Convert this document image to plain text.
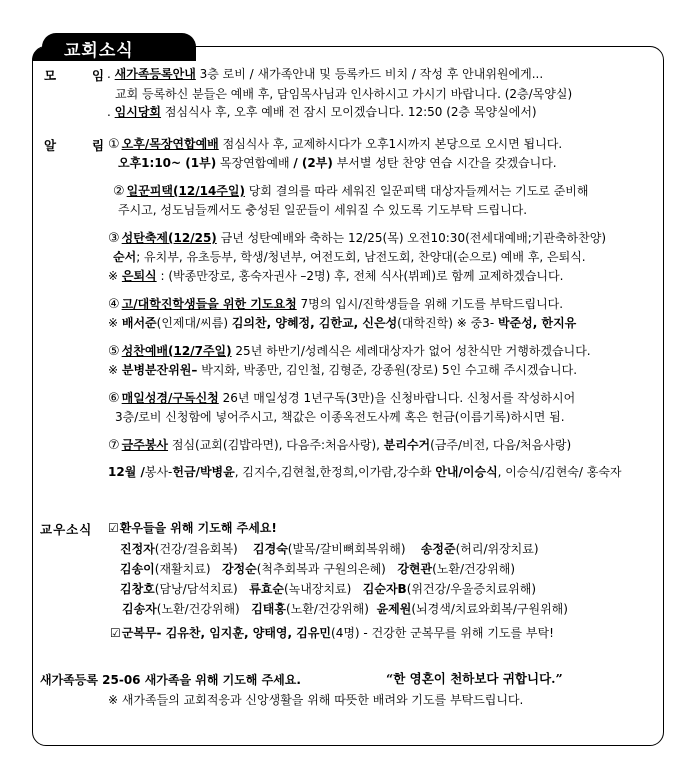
교회소식
모	임 . 새가족등록안내 3층 로비 / 새가족안내 및 등록카드 비치 / 작성 후 안내위원에게...
교회 등록하신 분들은 예배 후, 담임목사님과 인사하시고 가시기 바랍니다. (2층/목양실)
. 임시당회 점심식사 후, 오후 예배 전 잠시 모이겠습니다. 12:50 (2층 목양실에서)
알	림 ① 오후/목장연합예배 점심식사 후, 교제하시다가 오후1시까지 본당으로 오시면 됩니다.
오후1:10~ (1부) 목장연합예배 / (2부) 부서별 성탄 찬양 연습 시간을 갖겠습니다.
② 일꾼피택(12/14주일) 당회 결의를 따라 세워진 일꾼피택 대상자들께서는 기도로 준비해
주시고, 성도님들께서도 충성된 일꾼들이 세워질 수 있도록 기도부탁 드립니다.
③ 성탄축제(12/25) 금년 성탄예배와 축하는 12/25(목) 오전10:30(전세대예배;기관축하찬양)
순서; 유치부, 유초등부, 학생/청년부, 여전도회, 남전도회, 찬양대(순으로) 예배 후, 은퇴식.
※ 은퇴식 : (박종만장로, 홍숙자권사 –2명) 후, 전체 식사(뷔페)로 함께 교제하겠습니다.
④ 고/대학진학생들을 위한 기도요청 7명의 입시/진학생들을 위해 기도를 부탁드립니다.
※ 배서준(인제대/씨름) 김의찬, 양혜정, 김한교, 신은성(대학진학) ※ 중3- 박준성, 한지유
⑤ 성찬예배(12/7주일) 25년 하반기/성례식은 세례대상자가 없어 성찬식만 거행하겠습니다.
※ 분병분잔위원– 박지화, 박종만, 김인철, 김형준, 강종원(장로) 5인 수고해 주시겠습니다.
⑥ 매일성경/구독신청 26년 매일성경 1년구독(3만)을 신청바랍니다. 신청서를 작성하시어
3층/로비 신청함에 넣어주시고, 책값은 이종옥전도사께 혹은 헌금(이름기록)하시면 됨.
⑦ 금주봉사 점심(교회(김밥라면), 다음주:처음사랑), 분리수거(금주/비전, 다음/처음사랑)
12월 /봉사-헌금/박병윤, 김지수,김현철,한정희,이가람,강수화 안내/이승식, 이승식/김현숙/ 홍숙자
교우소식 ☑환우들을 위해 기도해 주세요!
진정자(건강/걸음회복) 김경숙(발목/갈비뼈회복위해) 송정준(허리/위장치료)
김송이(재활치료) 강정순(척추회복과 구원의은혜) 강현관(노환/건강위해)
김창호(담낭/담석치료) 류효순(녹내장치료) 김순자B(위건강/우울증치료위해)
김송자(노환/건강위해) 김태홍(노환/건강위해) 윤제원(뇌경색/치료와회복/구원위해)
☑군복무- 김유찬, 임지훈, 양태영, 김유민(4명) - 건강한 군복무를 위해 기도를 부탁!
새가족등록 25-06 새가족을 위해 기도해 주세요.	“한 영혼이 천하보다 귀합니다.”
※ 새가족들의 교회적응과 신앙생활을 위해 따뜻한 배려와 기도를 부탁드립니다.
